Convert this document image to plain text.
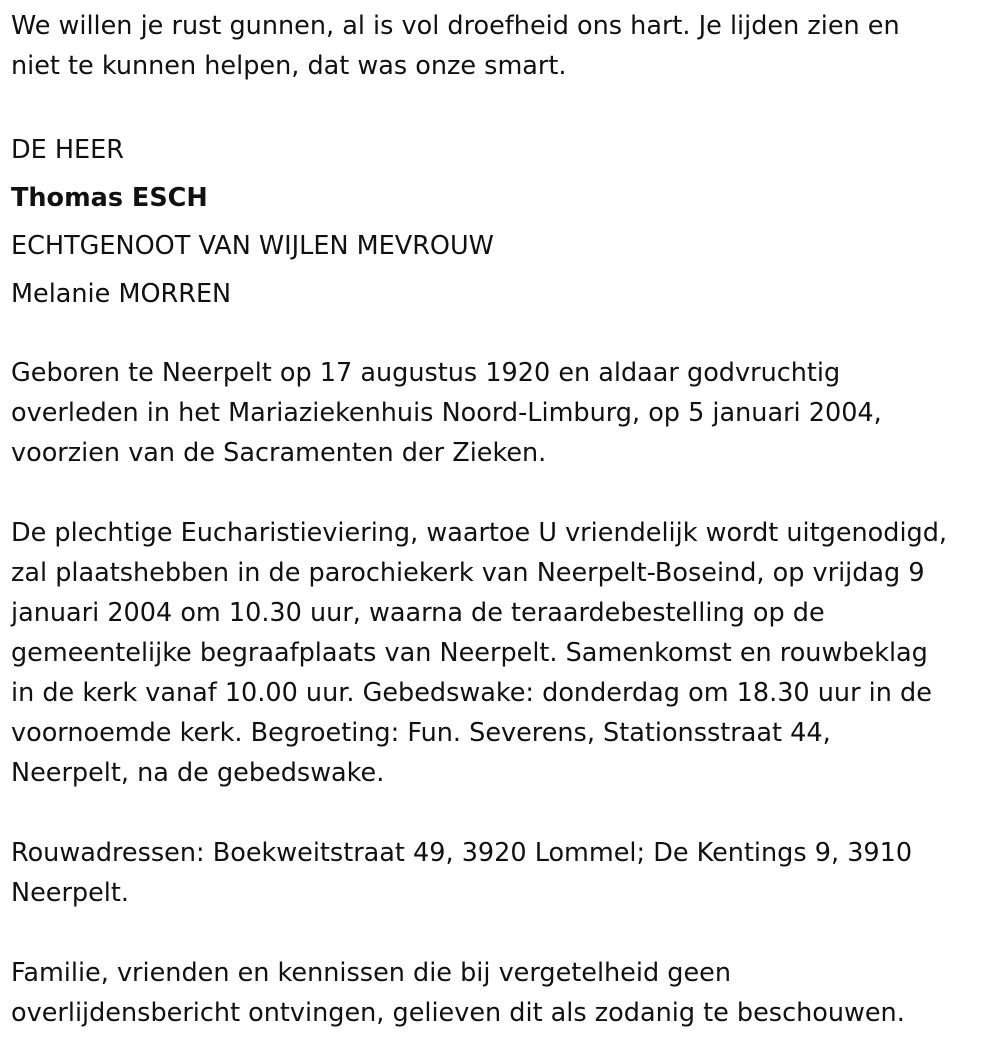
We willen je rust gunnen, al is vol droefheid ons hart. Je lijden zien en
niet te kunnen helpen, dat was onze smart.
DE HEER
Thomas ESCH
ECHTGENOOT VAN WIJLEN MEVROUW
Melanie MORREN
Geboren te Neerpelt op 17 augustus 1920 en aldaar godvruchtig
overleden in het Mariaziekenhuis Noord-Limburg, op 5 januari 2004,
voorzien van de Sacramenten der Zieken.
De plechtige Eucharistieviering, waartoe U vriendelijk wordt uitgenodigd,
zal plaatshebben in de parochiekerk van Neerpelt-Boseind, op vrijdag 9
januari 2004 om 10.30 uur, waarna de teraardebestelling op de
gemeentelijke begraafplaats van Neerpelt. Samenkomst en rouwbeklag
in de kerk vanaf 10.00 uur. Gebedswake: donderdag om 18.30 uur in de
voornoemde kerk. Begroeting: Fun. Severens, Stationsstraat 44,
Neerpelt, na de gebedswake.
Rouwadressen: Boekweitstraat 49, 3920 Lommel; De Kentings 9, 3910
Neerpelt.
Familie, vrienden en kennissen die bij vergetelheid geen
overlijdensbericht ontvingen, gelieven dit als zodanig te beschouwen.
